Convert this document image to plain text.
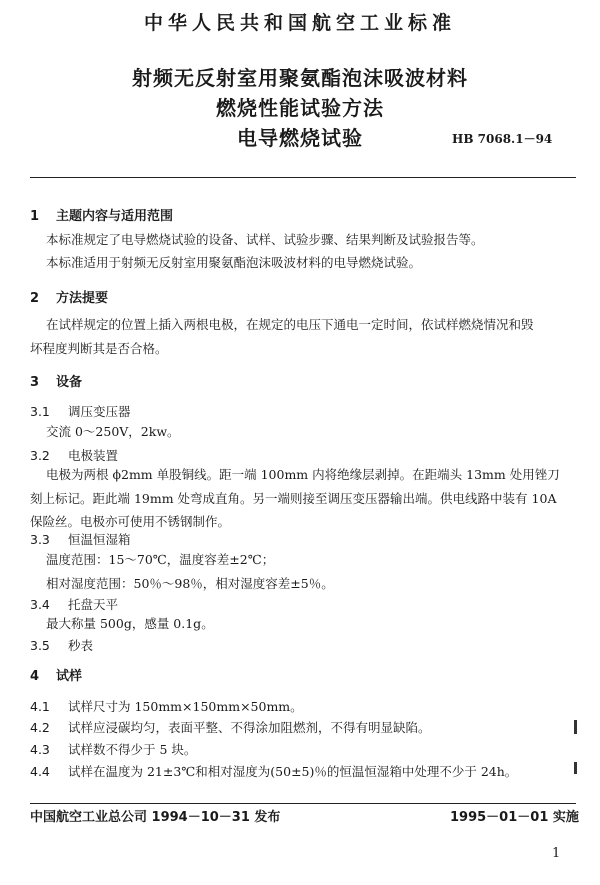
中华人民共和国航空工业标准
射频无反射室用聚氨酯泡沫吸波材料
燃烧性能试验方法
电导燃烧试验	HB 7068.1－94
1 主题内容与适用范围
本标准规定了电导燃烧试验的设备、试样、试验步骤、结果判断及试验报告等。
本标准适用于射频无反射室用聚氨酯泡沫吸波材料的电导燃烧试验。
2 方法提要
在试样规定的位置上插入两根电极，在规定的电压下通电一定时间，依试样燃烧情况和毁
坏程度判断其是否合格。
3 设备
3.1 调压变压器
交流 0～250V，2kw。
3.2 电极装置
电极为两根 ϕ2mm 单股铜线。距一端 100mm 内将绝缘层剥掉。在距端头 13mm 处用锉刀
刻上标记。距此端 19mm 处弯成直角。另一端则接至调压变压器输出端。供电线路中装有 10A
保险丝。电极亦可使用不锈钢制作。
3.3 恒温恒湿箱
温度范围：15～70℃，温度容差±2℃；
相对湿度范围：50％～98％，相对湿度容差±5％。
3.4 托盘天平
最大称量 500g，感量 0.1g。
3.5 秒表
4 试样
4.1 试样尺寸为 150mm×150mm×50mm。
4.2 试样应浸碳均匀，表面平整、不得涂加阻燃剂，不得有明显缺陷。
4.3 试样数不得少于 5 块。
4.4 试样在温度为 21±3℃和相对湿度为(50±5)％的恒温恒湿箱中处理不少于 24h。
中国航空工业总公司 1994－10－31 发布	1995－01－01 实施
1
